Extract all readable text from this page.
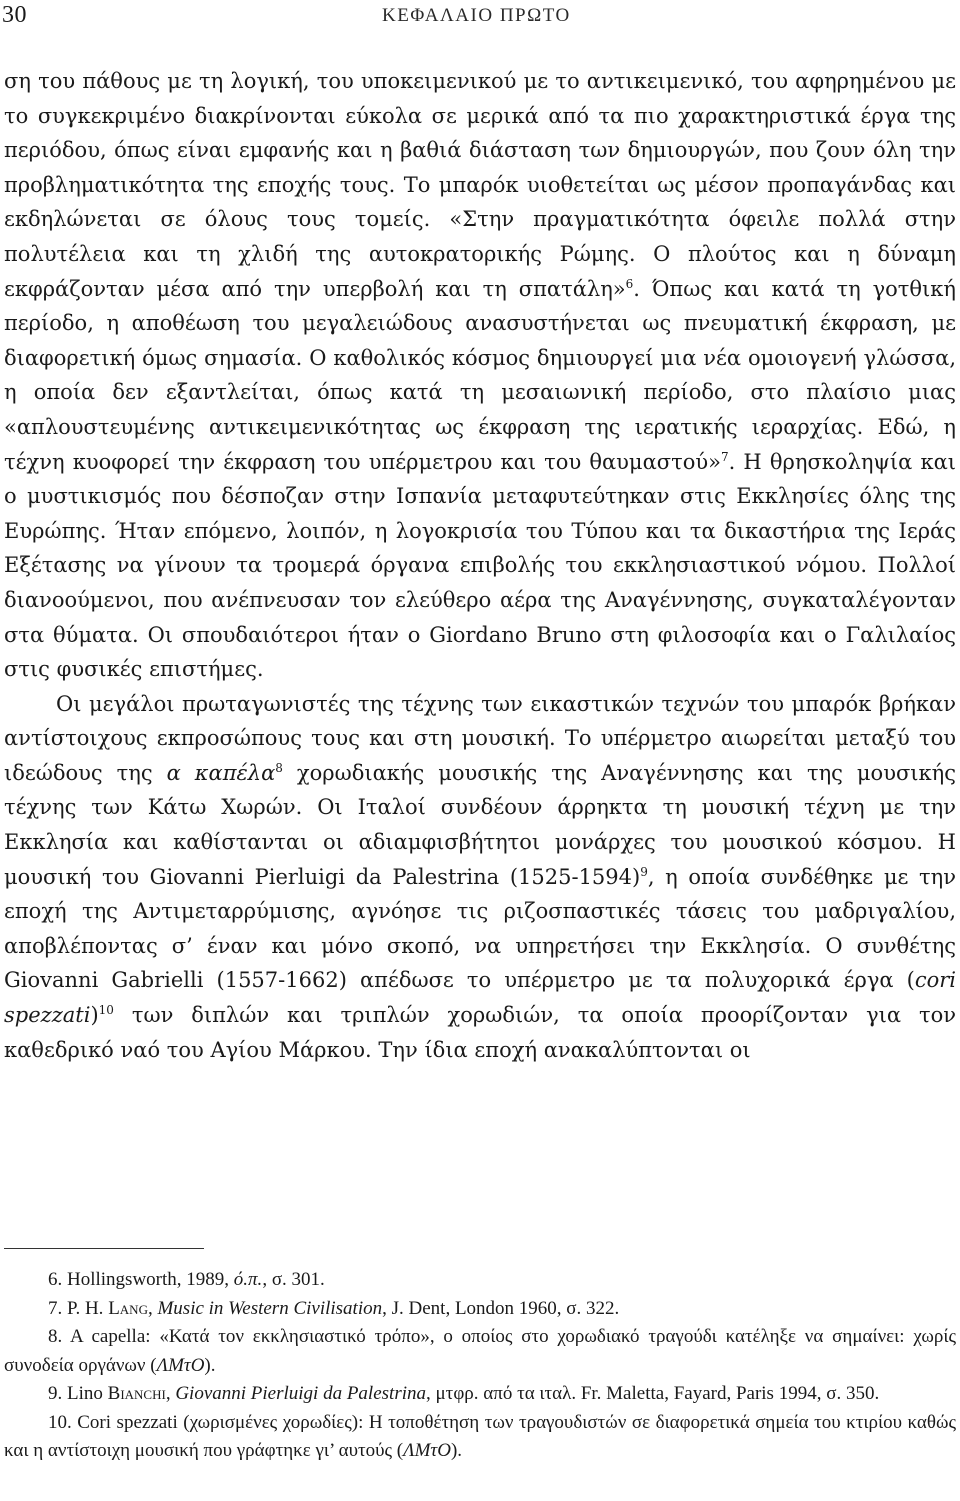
30	ΚΕΦΑΛΑΙΟ ΠΡΩΤΟ

ση του πάθους με τη λογική, του υποκειμενικού με το αντικειμενικό, του αφηρημένου με το συγκεκριμένο διακρίνονται εύκολα σε μερικά από τα πιο χαρακτηριστικά έργα της περιόδου, όπως είναι εμφανής και η βαθιά διάσταση των δημιουργών, που ζουν όλη την προβληματικότητα της εποχής τους. Το μπαρόκ υιοθετείται ως μέσον προπαγάνδας και εκδηλώνεται σε όλους τους τομείς. «Στην πραγματικότητα όφειλε πολλά στην πολυτέλεια και τη χλιδή της αυτοκρατορικής Ρώμης. Ο πλούτος και η δύναμη εκφράζονταν μέσα από την υπερβολή και τη σπατάλη»$^6$. Όπως και κατά τη γοτθική περίοδο, η αποθέωση του μεγαλειώδους ανασυστήνεται ως πνευματική έκφραση, με διαφορετική όμως σημασία. Ο καθολικός κόσμος δημιουργεί μια νέα ομοιογενή γλώσσα, η οποία δεν εξαντλείται, όπως κατά τη μεσαιωνική περίοδο, στο πλαίσιο μιας «απλουστευμένης αντικειμενικότητας ως έκφραση της ιερατικής ιεραρχίας. Εδώ, η τέχνη κυοφορεί την έκφραση του υπέρμετρου και του θαυμαστού»$^7$. Η θρησκοληψία και ο μυστικισμός που δέσποζαν στην Ισπανία μεταφυτεύτηκαν στις Εκκλησίες όλης της Ευρώπης. Ήταν επόμενο, λοιπόν, η λογοκρισία του Τύπου και τα δικαστήρια της Ιεράς Εξέτασης να γίνουν τα τρομερά όργανα επιβολής του εκκλησιαστικού νόμου. Πολλοί διανοούμενοι, που ανέπνευσαν τον ελεύθερο αέρα της Αναγέννησης, συγκαταλέγονταν στα θύματα. Οι σπουδαιότεροι ήταν ο Giordano Bruno στη φιλοσοφία και ο Γαλιλαίος στις φυσικές επιστήμες.

Οι μεγάλοι πρωταγωνιστές της τέχνης των εικαστικών τεχνών του μπαρόκ βρήκαν αντίστοιχους εκπροσώπους τους και στη μουσική. Το υπέρμετρο αιωρείται μεταξύ του ιδεώδους της α καπέλα$^8$ χορωδιακής μουσικής της Αναγέννησης και της μουσικής τέχνης των Κάτω Χωρών. Οι Ιταλοί συνδέουν άρρηκτα τη μουσική τέχνη με την Εκκλησία και καθίστανται οι αδιαμφισβήτητοι μονάρχες του μουσικού κόσμου. Η μουσική του Giovanni Pierluigi da Palestrina (1525-1594)$^9$, η οποία συνδέθηκε με την εποχή της Αντιμεταρρύμισης, αγνόησε τις ριζοσπαστικές τάσεις του μαδριγαλίου, αποβλέποντας σ’ έναν και μόνο σκοπό, να υπηρετήσει την Εκκλησία. Ο συνθέτης Giovanni Gabrielli (1557-1662) απέδωσε το υπέρμετρο με τα πολυχορικά έργα (cori spezzati)$^{10}$ των διπλών και τριπλών χορωδιών, τα οποία προορίζονταν για τον καθεδρικό ναό του Αγίου Μάρκου. Την ίδια εποχή ανακαλύπτονται οι

6. Hollingsworth, 1989, ό.π., σ. 301.

7. P. H. Lang, Music in Western Civilisation, J. Dent, London 1960, σ. 322.

8. A capella: «Κατά τον εκκλησιαστικό τρόπο», ο οποίος στο χορωδιακό τραγούδι κατέληξε να σημαίνει: χωρίς συνοδεία οργάνων (ΛΜτΟ).

9. Lino Bianchi, Giovanni Pierluigi da Palestrina, μτφρ. από τα ιταλ. Fr. Maletta, Fayard, Paris 1994, σ. 350.

10. Cori spezzati (χωρισμένες χορωδίες): Η τοποθέτηση των τραγουδιστών σε διαφορετικά σημεία του κτιρίου καθώς και η αντίστοιχη μουσική που γράφτηκε γι’ αυτούς (ΛΜτΟ).
